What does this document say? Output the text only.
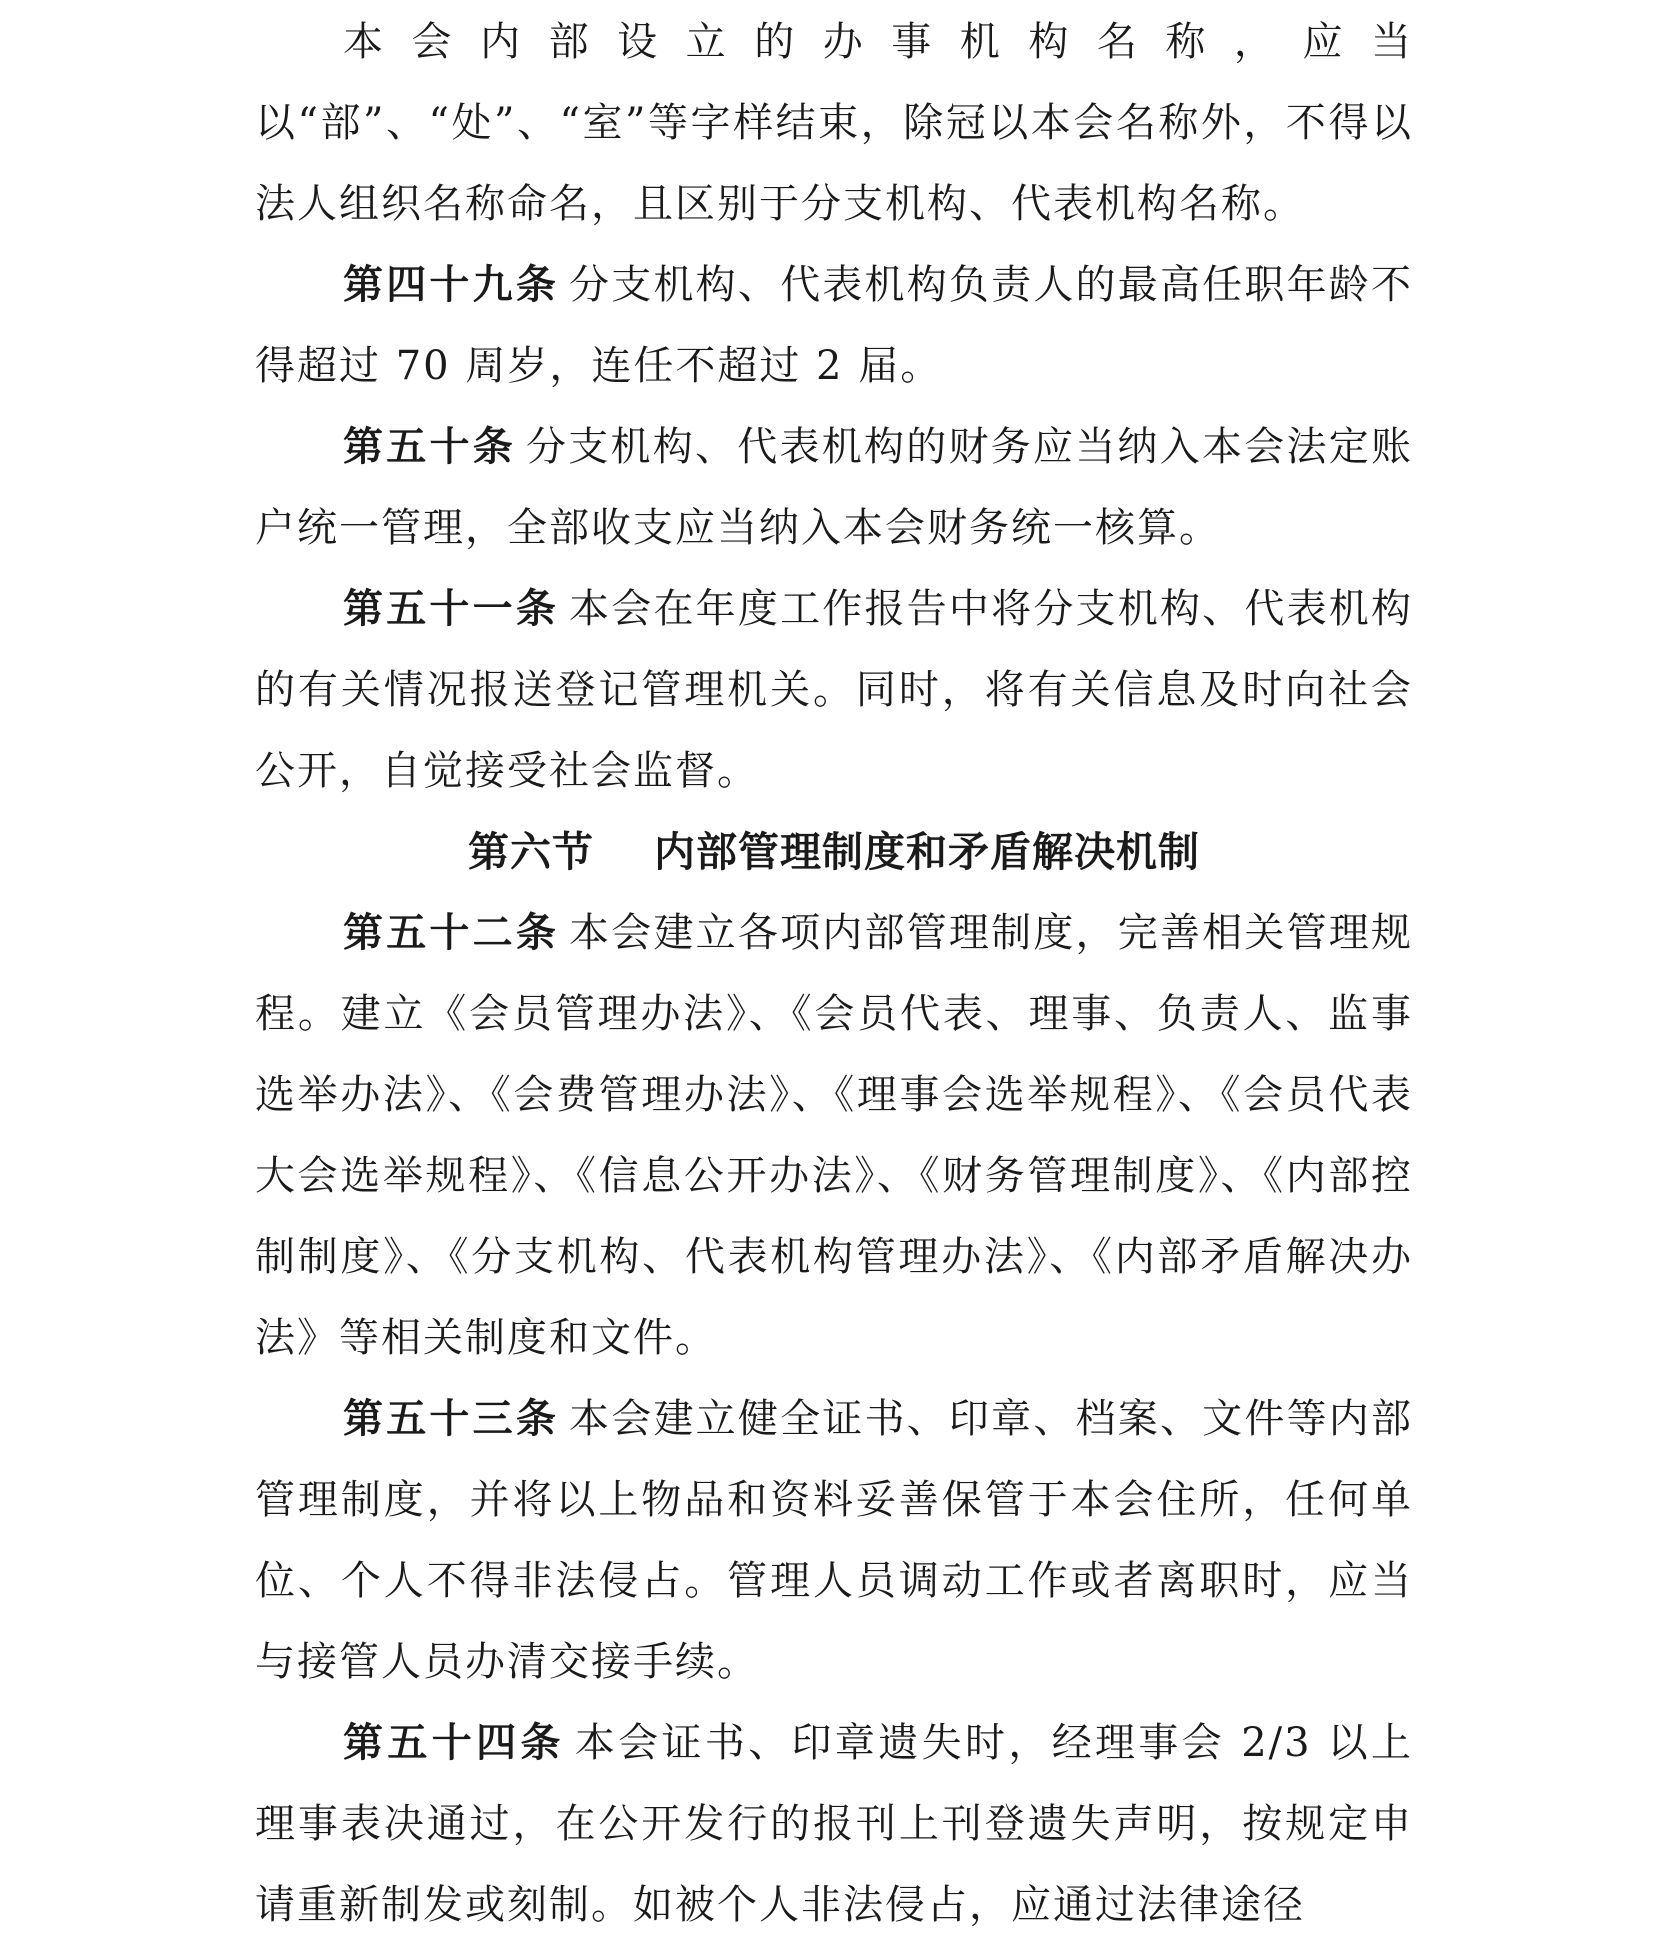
本会内部设立的办事机构名称，应当以“部”、“处”、“室”等字样结束，除冠以本会名称外，不得以法人组织名称命名，且区别于分支机构、代表机构名称。

第四十九条 分支机构、代表机构负责人的最高任职年龄不得超过 70 周岁，连任不超过 2 届。

第五十条 分支机构、代表机构的财务应当纳入本会法定账户统一管理，全部收支应当纳入本会财务统一核算。

第五十一条 本会在年度工作报告中将分支机构、代表机构的有关情况报送登记管理机关。同时，将有关信息及时向社会公开，自觉接受社会监督。

第六节 内部管理制度和矛盾解决机制

第五十二条 本会建立各项内部管理制度，完善相关管理规程。建立《会员管理办法》、《会员代表、理事、负责人、监事选举办法》、《会费管理办法》、《理事会选举规程》、《会员代表大会选举规程》、《信息公开办法》、《财务管理制度》、《内部控制制度》、《分支机构、代表机构管理办法》、《内部矛盾解决办法》等相关制度和文件。

第五十三条 本会建立健全证书、印章、档案、文件等内部管理制度，并将以上物品和资料妥善保管于本会住所，任何单位、个人不得非法侵占。管理人员调动工作或者离职时，应当与接管人员办清交接手续。

第五十四条 本会证书、印章遗失时，经理事会 2/3 以上理事表决通过，在公开发行的报刊上刊登遗失声明，按规定申请重新制发或刻制。如被个人非法侵占，应通过法律途径
